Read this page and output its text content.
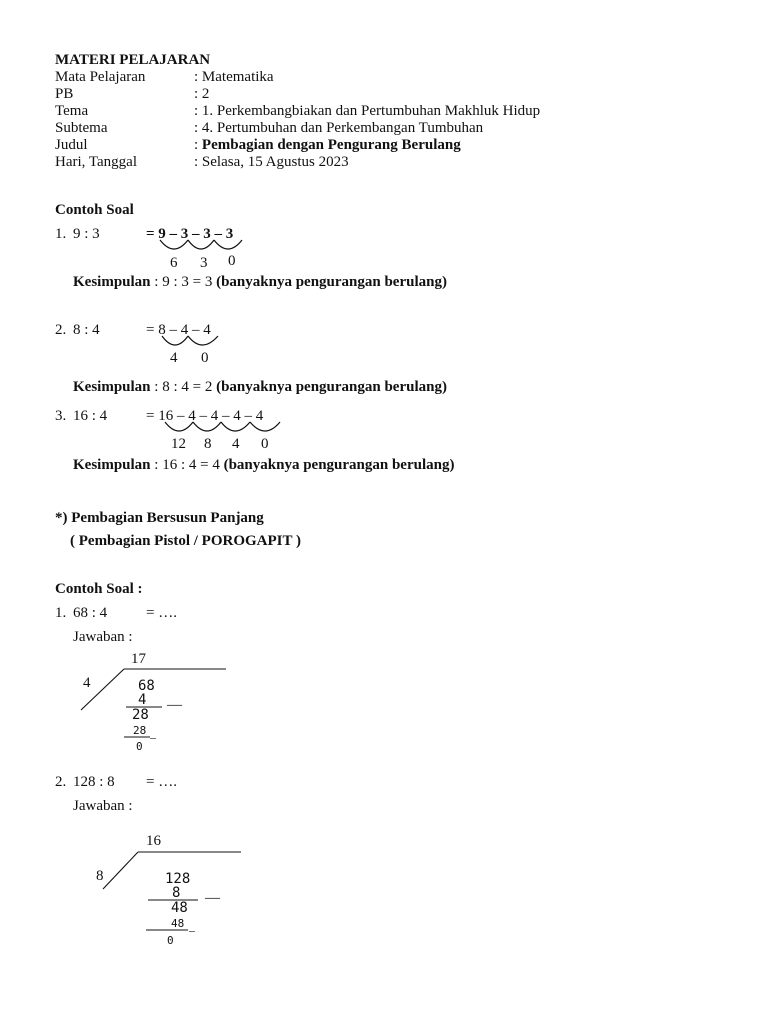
MATERI PELAJARAN
Mata Pelajaran	: Matematika
PB	: 2
Tema	: 1. Perkembangbiakan dan Pertumbuhan Makhluk Hidup
Subtema	: 4. Pertumbuhan dan Perkembangan Tumbuhan
Judul	: Pembagian dengan Pengurang Berulang
Hari, Tanggal	: Selasa, 15 Agustus 2023
Contoh Soal
1. 9 : 3	= 9 – 3 – 3 – 3
6 3 0
Kesimpulan : 9 : 3 = 3 (banyaknya pengurangan berulang)
2. 8 : 4	= 8 – 4 – 4
4 0
Kesimpulan : 8 : 4 = 2 (banyaknya pengurangan berulang)
3. 16 : 4	= 16 – 4 – 4 – 4 – 4
12 8 4 0
Kesimpulan : 16 : 4 = 4 (banyaknya pengurangan berulang)
*) Pembagian Bersusun Panjang
( Pembagian Pistol / POROGAPIT )
Contoh Soal :
1. 68 : 4	= ….
Jawaban :
17
4	68
4 —
28
28 –
0
2. 128 : 8 = ….
Jawaban :
16
8	128
8 —
48
48 –
0
